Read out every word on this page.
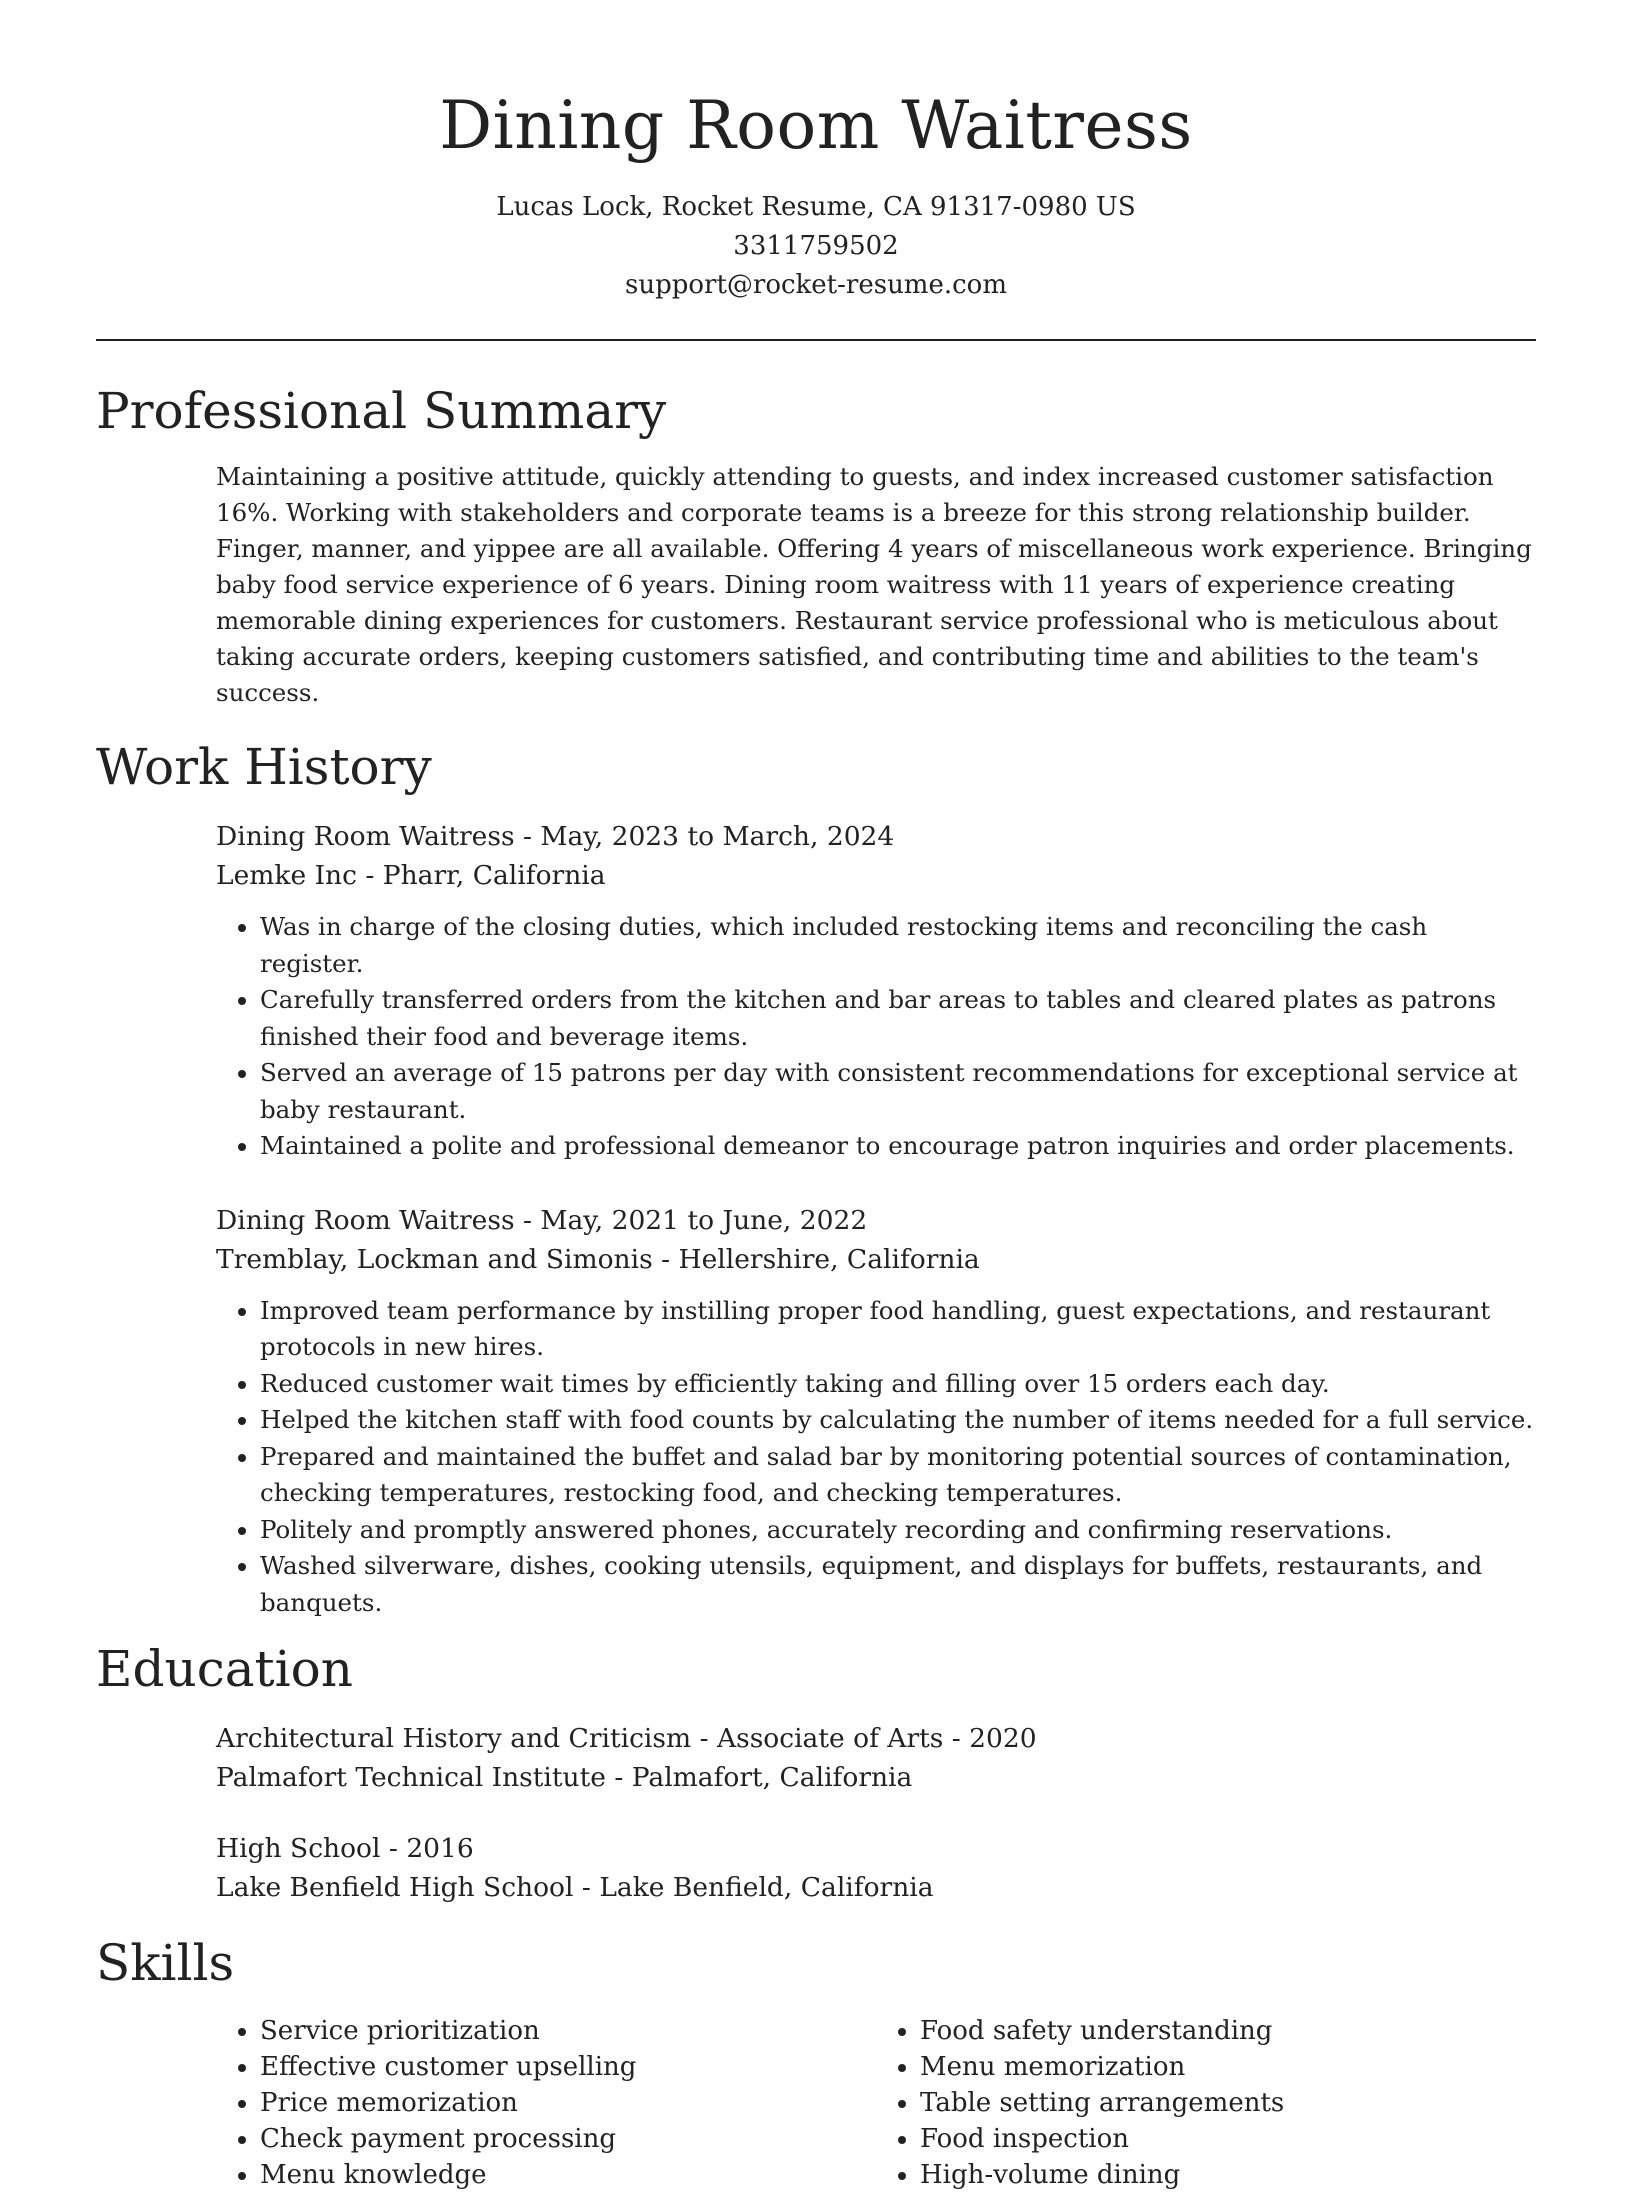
Dining Room Waitress
Lucas Lock, Rocket Resume, CA 91317-0980 US
3311759502
support@rocket-resume.com
Professional Summary

Maintaining a positive attitude, quickly attending to guests, and index increased customer satisfaction 16%. Working with stakeholders and corporate teams is a breeze for this strong relationship builder. Finger, manner, and yippee are all available. Offering 4 years of miscellaneous work experience. Bringing baby food service experience of 6 years. Dining room waitress with 11 years of experience creating memorable dining experiences for customers. Restaurant service professional who is meticulous about taking accurate orders, keeping customers satisfied, and contributing time and abilities to the team's success.

Work History
Dining Room Waitress - May, 2023 to March, 2024
Lemke Inc - Pharr, California
• Was in charge of the closing duties, which included restocking items and reconciling the cash register.
• Carefully transferred orders from the kitchen and bar areas to tables and cleared plates as patrons finished their food and beverage items.
• Served an average of 15 patrons per day with consistent recommendations for exceptional service at baby restaurant.
• Maintained a polite and professional demeanor to encourage patron inquiries and order placements.
Dining Room Waitress - May, 2021 to June, 2022
Tremblay, Lockman and Simonis - Hellershire, California
• Improved team performance by instilling proper food handling, guest expectations, and restaurant protocols in new hires.
• Reduced customer wait times by efficiently taking and filling over 15 orders each day.
• Helped the kitchen staff with food counts by calculating the number of items needed for a full service.
• Prepared and maintained the buffet and salad bar by monitoring potential sources of contamination, checking temperatures, restocking food, and checking temperatures.
• Politely and promptly answered phones, accurately recording and confirming reservations.
• Washed silverware, dishes, cooking utensils, equipment, and displays for buffets, restaurants, and banquets.
Education
Architectural History and Criticism - Associate of Arts - 2020
Palmafort Technical Institute - Palmafort, California
High School - 2016
Lake Benfield High School - Lake Benfield, California
Skills
• Service prioritization
• Effective customer upselling
• Price memorization
• Check payment processing
• Menu knowledge
• Food safety understanding
• Menu memorization
• Table setting arrangements
• Food inspection
• High-volume dining
